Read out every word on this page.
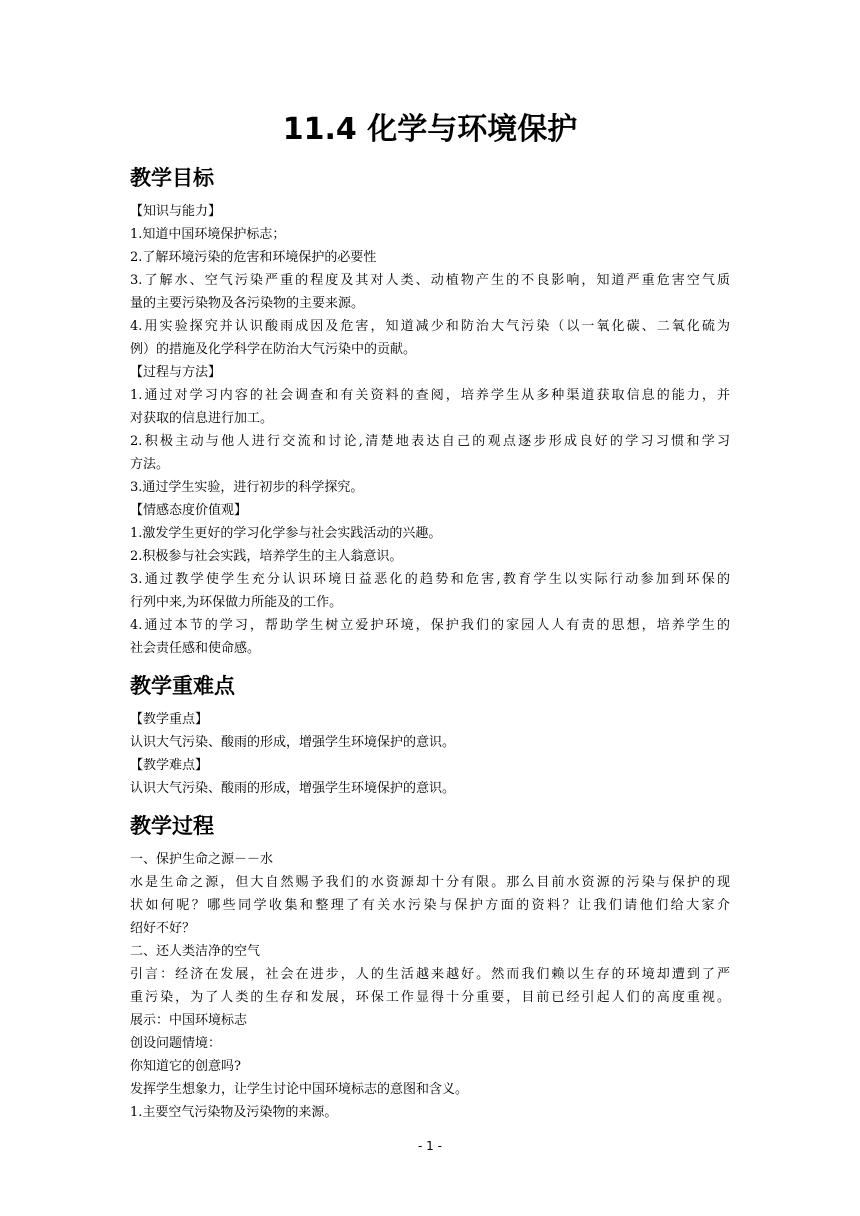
11.4 化学与环境保护
教学目标
【知识与能力】
1.知道中国环境保护标志；
2.了解环境污染的危害和环境保护的必要性
3.了解水、空气污染严重的程度及其对人类、动植物产生的不良影响，知道严重危害空气质
量的主要污染物及各污染物的主要来源。
4.用实验探究并认识酸雨成因及危害，知道减少和防治大气污染（以一氧化碳、二氧化硫为
例）的措施及化学科学在防治大气污染中的贡献。
【过程与方法】
1.通过对学习内容的社会调查和有关资料的查阅，培养学生从多种渠道获取信息的能力，并
对获取的信息进行加工。
2.积极主动与他人进行交流和讨论,清楚地表达自己的观点逐步形成良好的学习习惯和学习
方法。
3.通过学生实验，进行初步的科学探究。
【情感态度价值观】
1.激发学生更好的学习化学参与社会实践活动的兴趣。
2.积极参与社会实践，培养学生的主人翁意识。
3.通过教学使学生充分认识环境日益恶化的趋势和危害,教育学生以实际行动参加到环保的
行列中来,为环保做力所能及的工作。
4.通过本节的学习，帮助学生树立爱护环境，保护我们的家园人人有责的思想，培养学生的
社会责任感和使命感。
教学重难点
【教学重点】
认识大气污染、酸雨的形成，增强学生环境保护的意识。
【教学难点】
认识大气污染、酸雨的形成，增强学生环境保护的意识。
教学过程
一、保护生命之源－－水
水是生命之源，但大自然赐予我们的水资源却十分有限。那么目前水资源的污染与保护的现
状如何呢？哪些同学收集和整理了有关水污染与保护方面的资料？让我们请他们给大家介
绍好不好？
二、还人类洁净的空气
引言：经济在发展，社会在进步，人的生活越来越好。然而我们赖以生存的环境却遭到了严
重污染，为了人类的生存和发展，环保工作显得十分重要，目前已经引起人们的高度重视。
展示：中国环境标志
创设问题情境：
你知道它的创意吗?
发挥学生想象力，让学生讨论中国环境标志的意图和含义。
1.主要空气污染物及污染物的来源。
- 1 -
